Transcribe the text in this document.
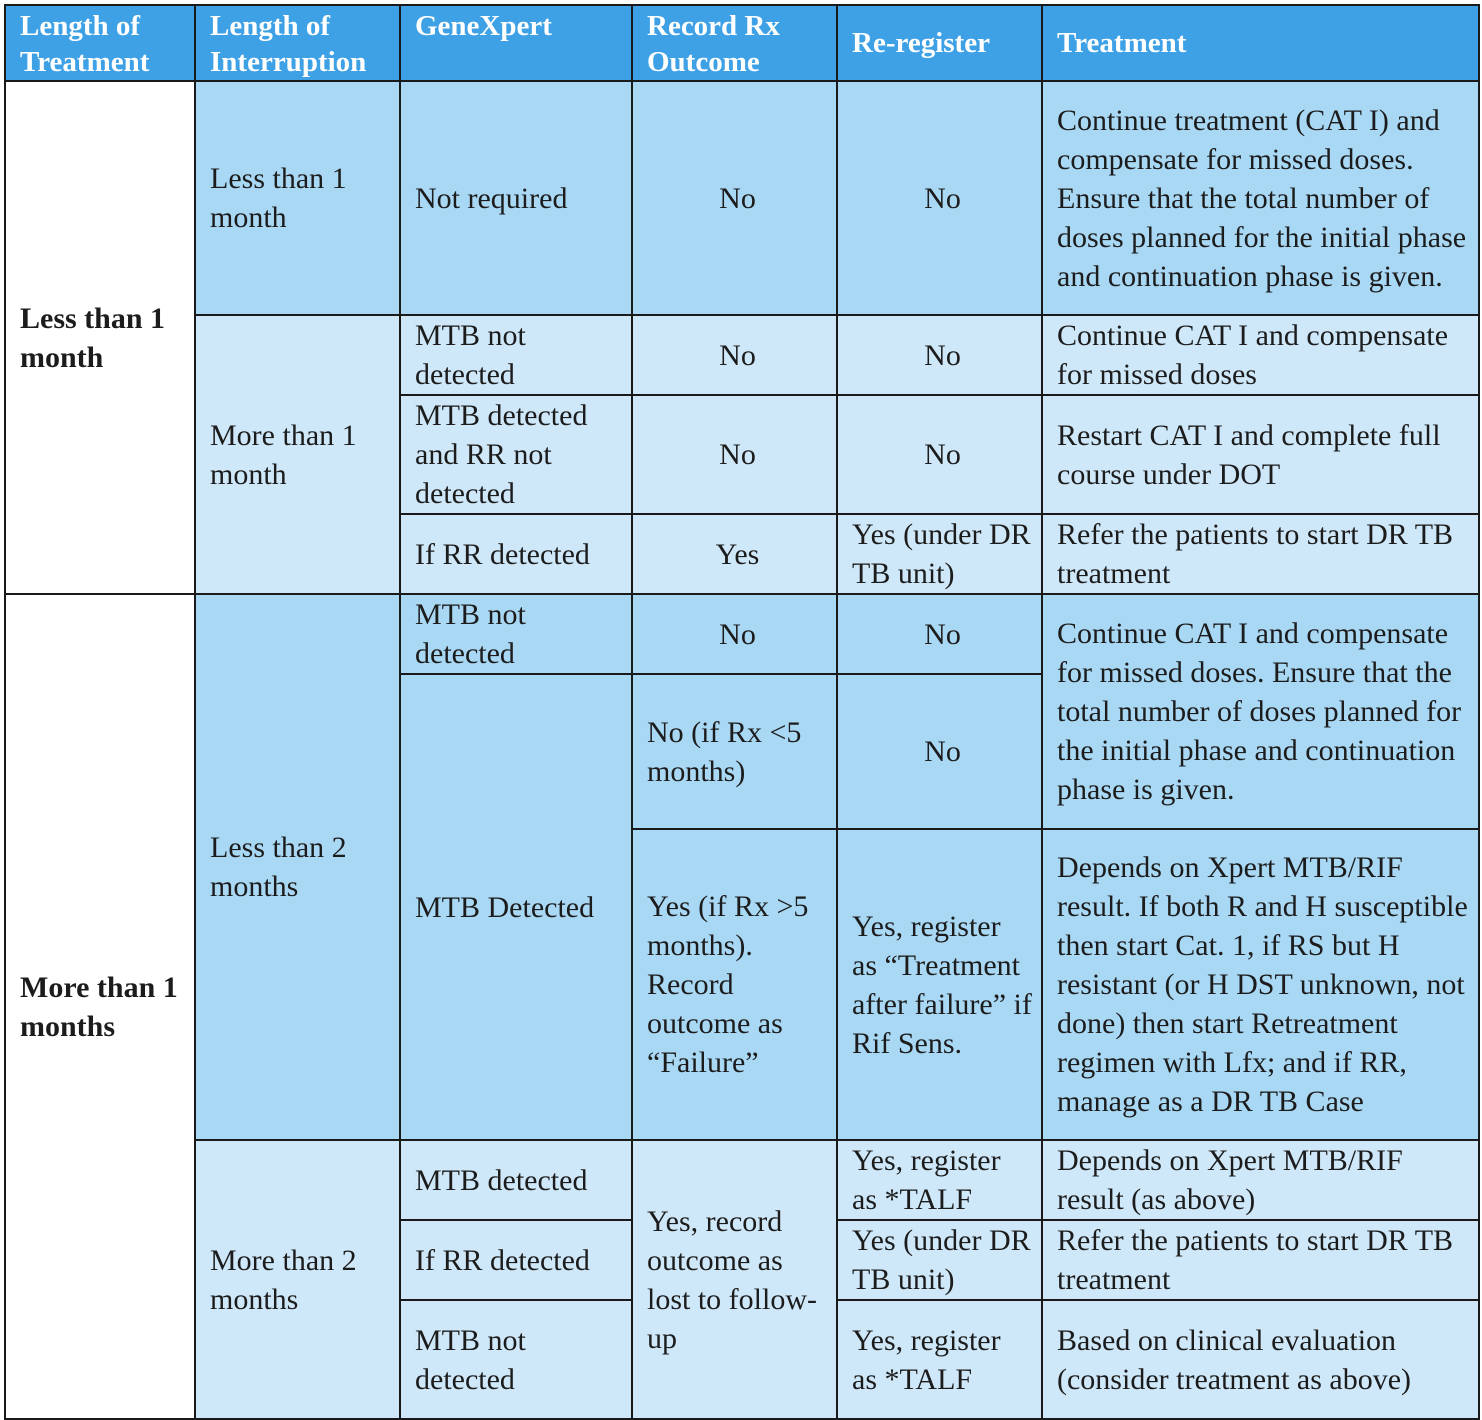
Length of Treatment	Length of Interruption	GeneXpert	Record Rx Outcome	Re-register	Treatment
Less than 1 month	Less than 1 month	Not required	No	No	Continue treatment (CAT I) and compensate for missed doses. Ensure that the total number of doses planned for the initial phase and continuation phase is given.
	More than 1 month	MTB not detected	No	No	Continue CAT I and compensate for missed doses
		MTB detected and RR not detected	No	No	Restart CAT I and complete full course under DOT
		If RR detected	Yes	Yes (under DR TB unit)	Refer the patients to start DR TB treatment
More than 1 months	Less than 2 months	MTB not detected	No	No	Continue CAT I and compensate for missed doses. Ensure that the total number of doses planned for the initial phase and continuation phase is given.
		MTB Detected	No (if Rx <5 months)	No	
			Yes (if Rx >5 months). Record outcome as “Failure”	Yes, register as “Treatment after failure” if Rif Sens.	Depends on Xpert MTB/RIF result. If both R and H susceptible then start Cat. 1, if RS but H resistant (or H DST unknown, not done) then start Retreatment regimen with Lfx; and if RR, manage as a DR TB Case
	More than 2 months	MTB detected	Yes, record outcome as lost to follow-up	Yes, register as *TALF	Depends on Xpert MTB/RIF result (as above)
		If RR detected		Yes (under DR TB unit)	Refer the patients to start DR TB treatment
		MTB not detected		Yes, register as *TALF	Based on clinical evaluation (consider treatment as above)
